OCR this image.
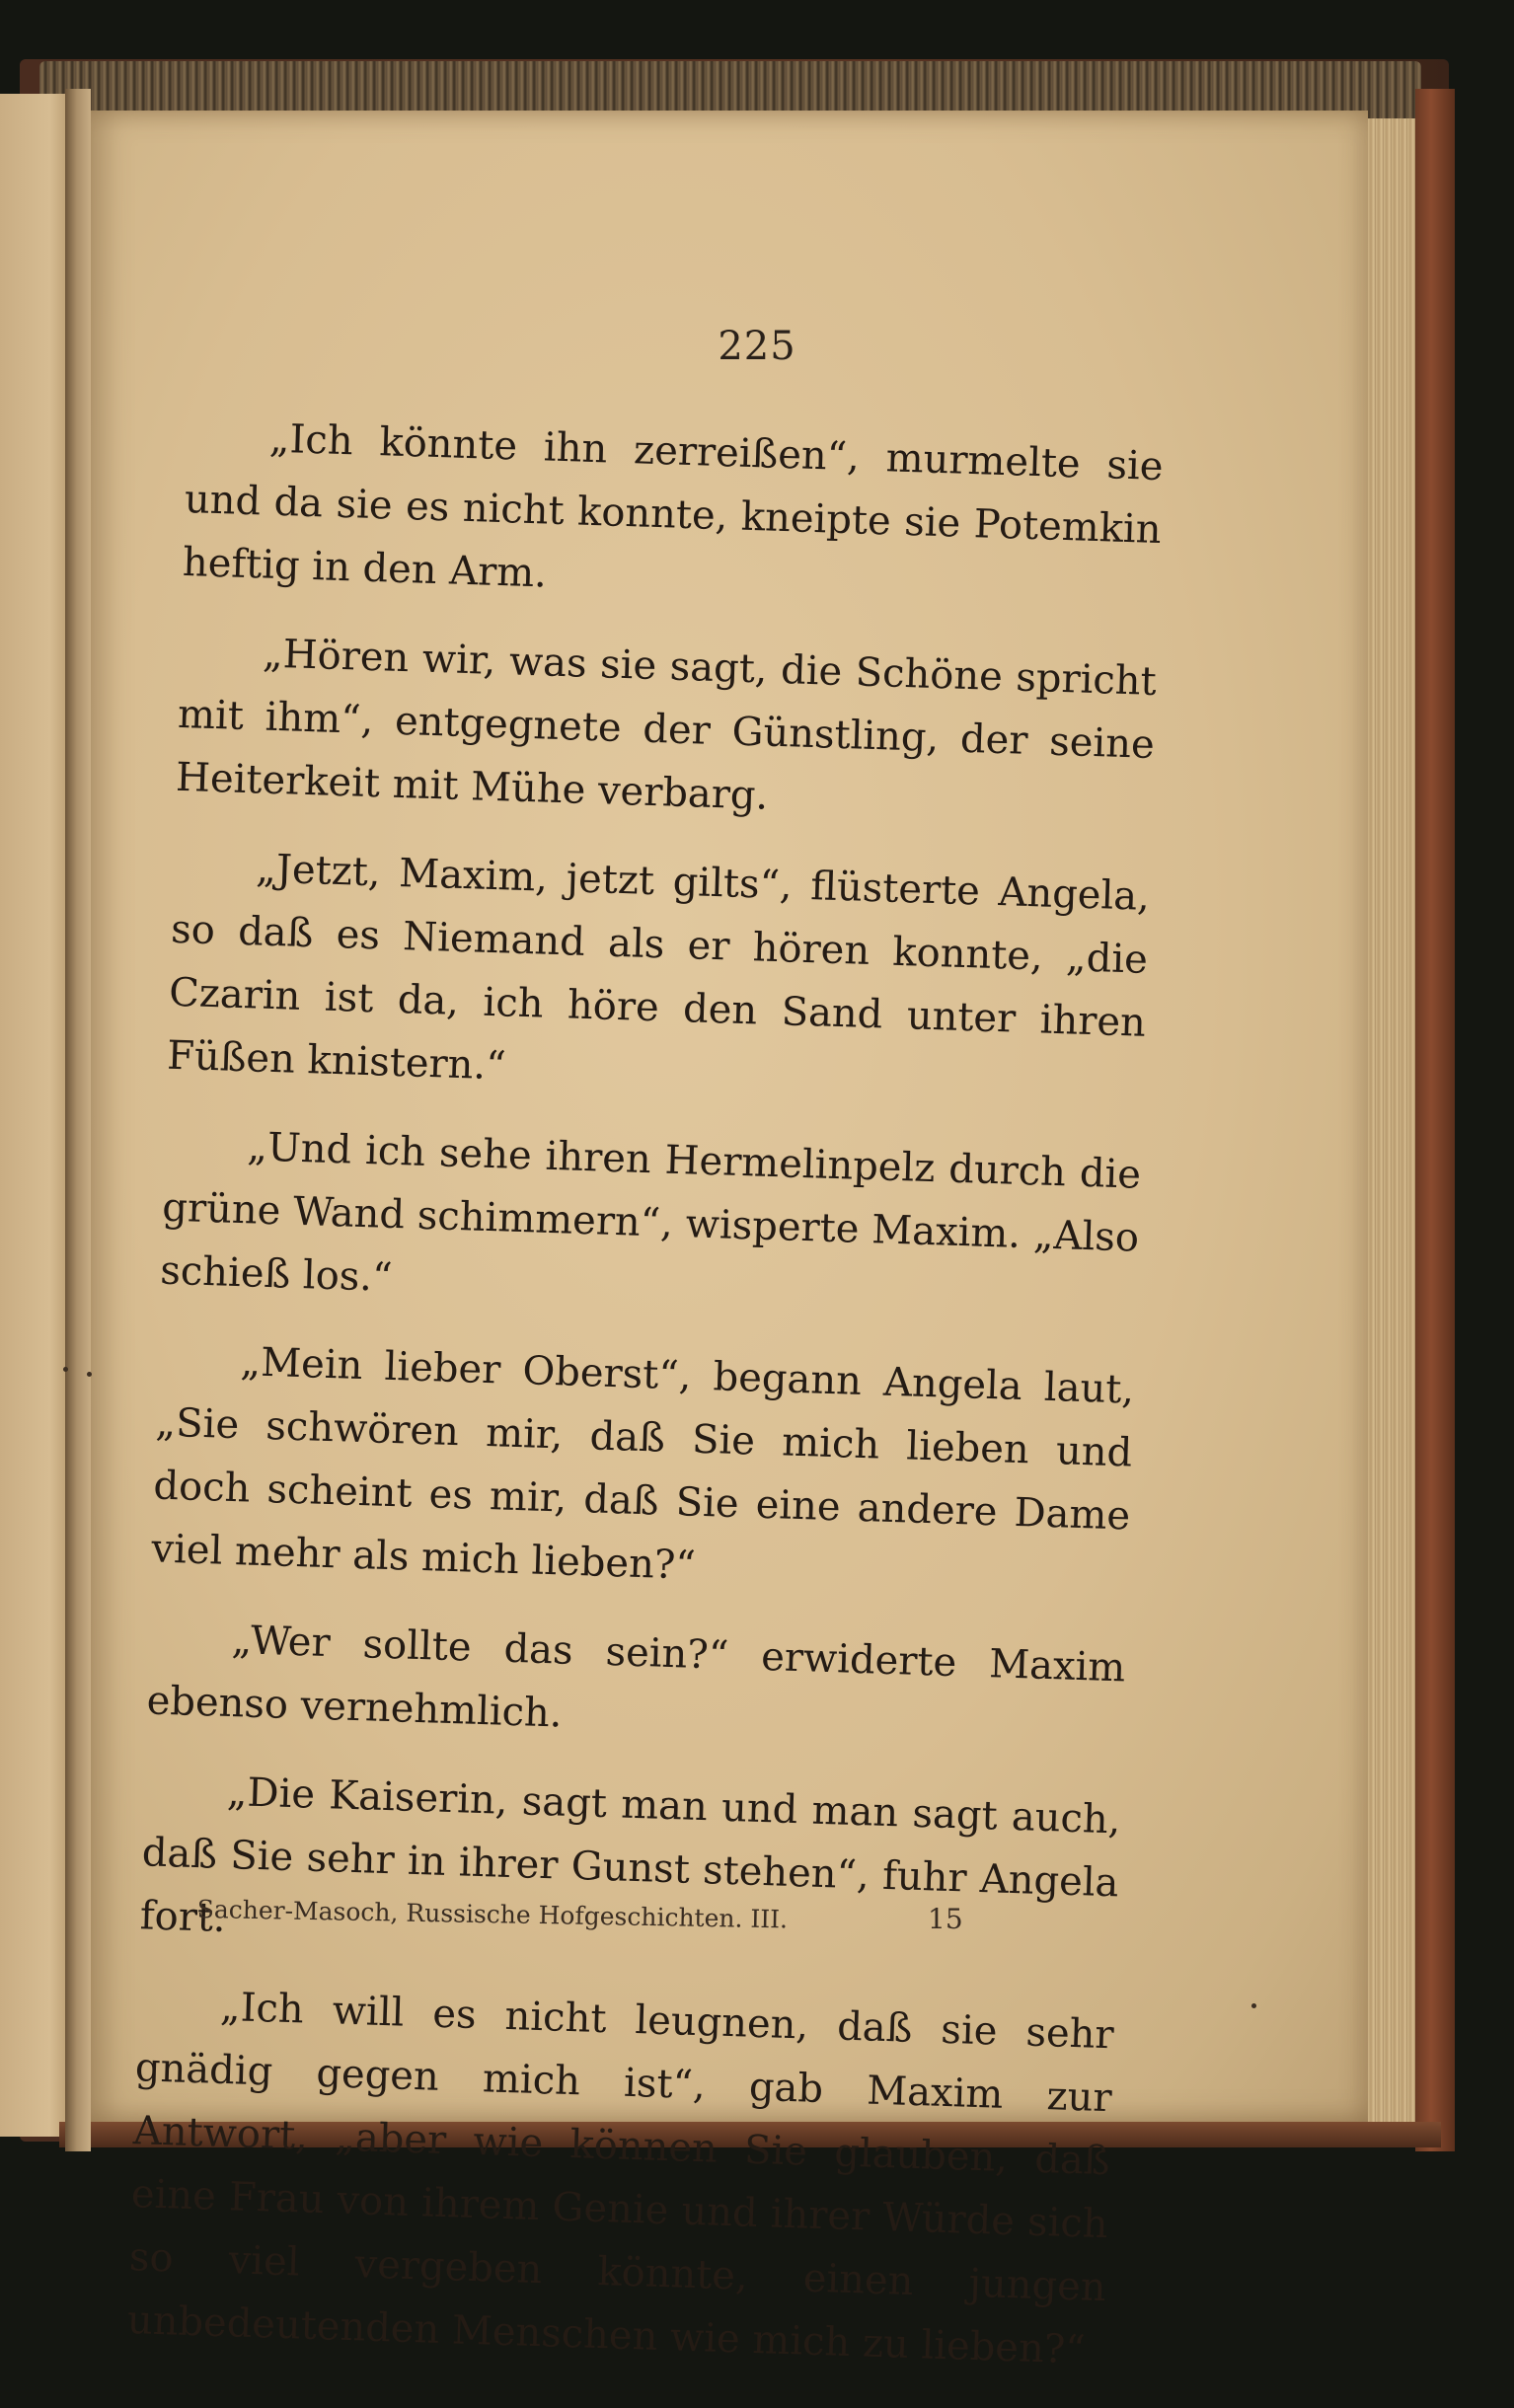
225

„Ich könnte ihn zerreißen“, murmelte sie und da sie es nicht konnte, kneipte sie Potemkin heftig in den Arm.

„Hören wir, was sie sagt, die Schöne spricht mit ihm“, entgegnete der Günstling, der seine Heiterkeit mit Mühe verbarg.

„Jetzt, Maxim, jetzt gilts“, flüsterte Angela, so daß es Niemand als er hören konnte, „die Czarin ist da, ich höre den Sand unter ihren Füßen knistern.“

„Und ich sehe ihren Hermelinpelz durch die grüne Wand schimmern“, wisperte Maxim. „Also schieß los.“

„Mein lieber Oberst“, begann Angela laut, „Sie schwören mir, daß Sie mich lieben und doch scheint es mir, daß Sie eine andere Dame viel mehr als mich lieben?“

„Wer sollte das sein?“ erwiderte Maxim ebenso vernehmlich.

„Die Kaiserin, sagt man und man sagt auch, daß Sie sehr in ihrer Gunst stehen“, fuhr Angela fort.

„Ich will es nicht leugnen, daß sie sehr gnädig gegen mich ist“, gab Maxim zur Antwort, „aber wie können Sie glauben, daß eine Frau von ihrem Genie und ihrer Würde sich so viel vergeben könnte, einen jungen unbedeutenden Menschen wie mich zu lieben?“

Sacher-Masoch, Russische Hofgeschichten. III.	15
